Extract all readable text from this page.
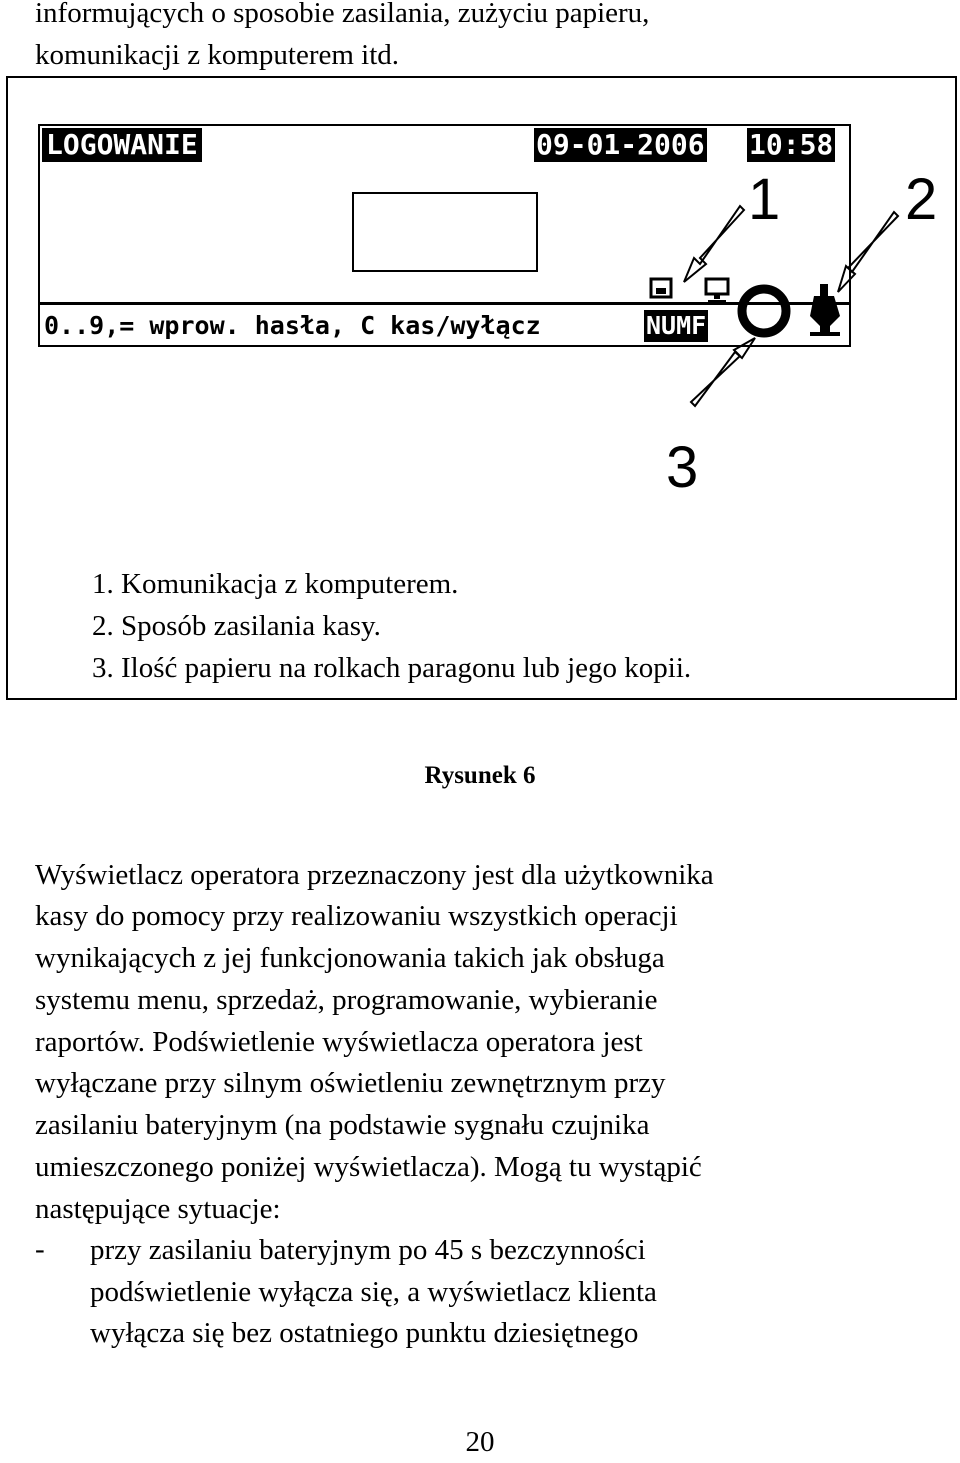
informujących o sposobie zasilania, zużyciu papieru,
komunikacji z komputerem itd.
LOGOWANIE	09-01-2006 10:58
0..9,= wprow. hasła, C kas/wyłącz	NUMF
1 2
3
1. Komunikacja z komputerem.
2. Sposób zasilania kasy.
3. Ilość papieru na rolkach paragonu lub jego kopii.
Rysunek 6
Wyświetlacz operatora przeznaczony jest dla użytkownika
kasy do pomocy przy realizowaniu wszystkich operacji
wynikających z jej funkcjonowania takich jak obsługa
systemu menu, sprzedaż, programowanie, wybieranie
raportów. Podświetlenie wyświetlacza operatora jest
wyłączane przy silnym oświetleniu zewnętrznym przy
zasilaniu bateryjnym (na podstawie sygnału czujnika
umieszczonego poniżej wyświetlacza). Mogą tu wystąpić
następujące sytuacje:
- przy zasilaniu bateryjnym po 45 s bezczynności
podświetlenie wyłącza się, a wyświetlacz klienta
wyłącza się bez ostatniego punktu dziesiętnego
20
